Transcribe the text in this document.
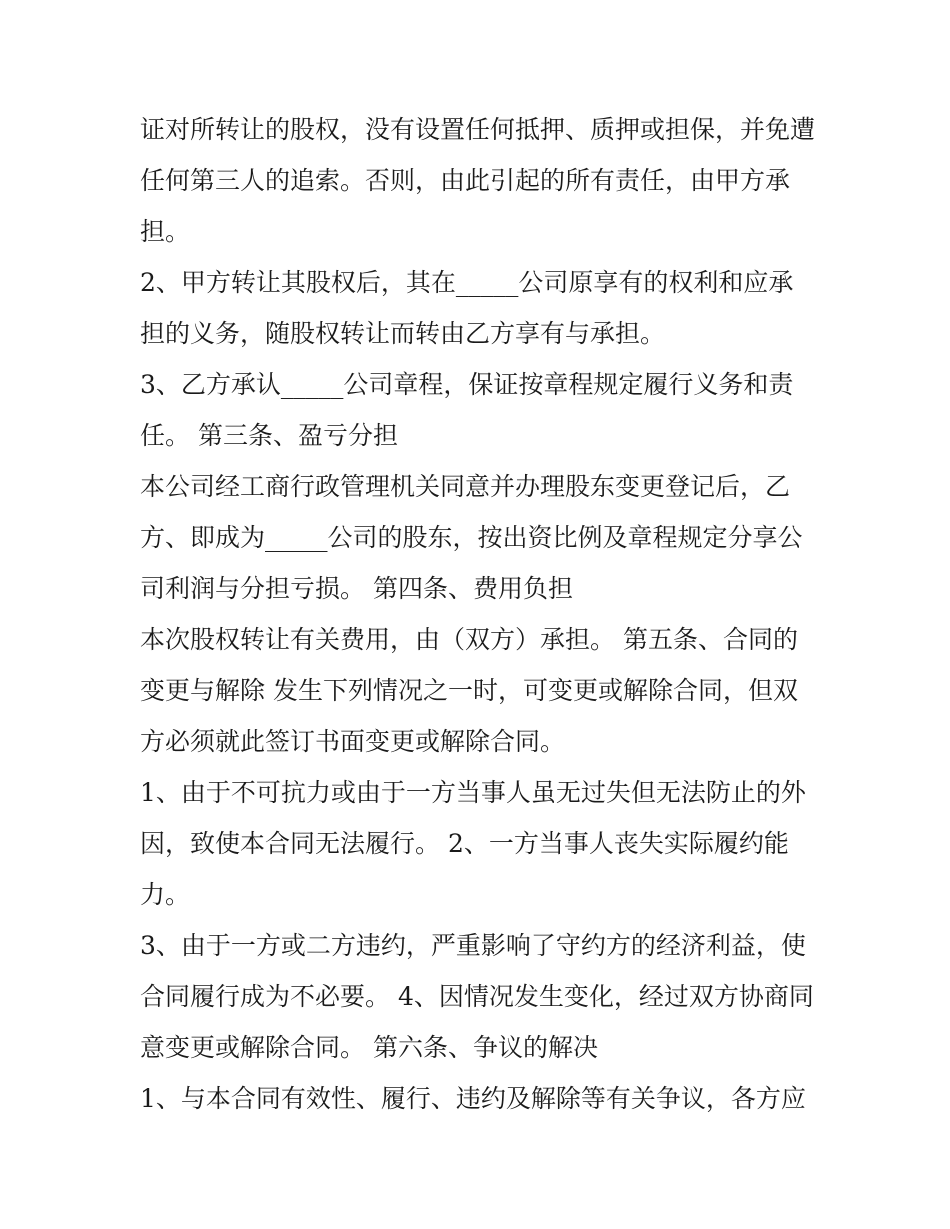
证对所转让的股权，没有设置任何抵押、质押或担保，并免遭
任何第三人的追索。否则，由此引起的所有责任，由甲方承
担。
2、甲方转让其股权后，其在_____公司原享有的权利和应承
担的义务，随股权转让而转由乙方享有与承担。
3、乙方承认_____公司章程，保证按章程规定履行义务和责
任。 第三条、盈亏分担
本公司经工商行政管理机关同意并办理股东变更登记后，乙
方、即成为_____公司的股东，按出资比例及章程规定分享公
司利润与分担亏损。 第四条、费用负担
本次股权转让有关费用，由（双方）承担。 第五条、合同的
变更与解除 发生下列情况之一时，可变更或解除合同，但双
方必须就此签订书面变更或解除合同。
1、由于不可抗力或由于一方当事人虽无过失但无法防止的外
因，致使本合同无法履行。 2、一方当事人丧失实际履约能
力。
3、由于一方或二方违约，严重影响了守约方的经济利益，使
合同履行成为不必要。 4、因情况发生变化，经过双方协商同
意变更或解除合同。 第六条、争议的解决
1、与本合同有效性、履行、违约及解除等有关争议，各方应
